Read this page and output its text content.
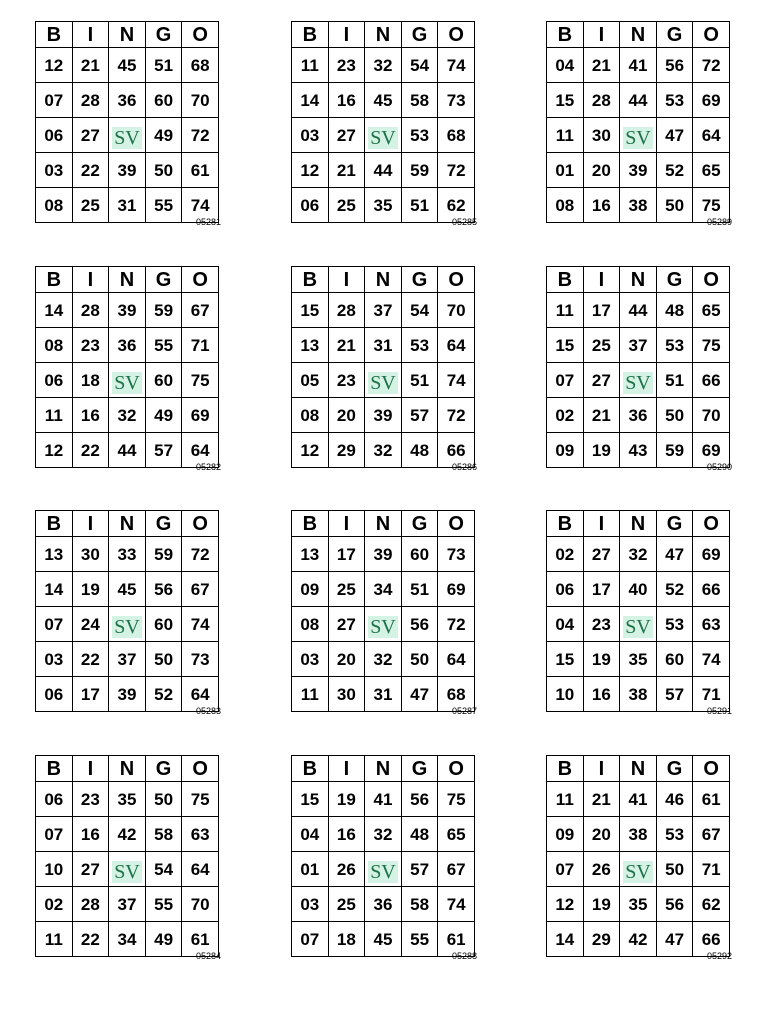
B	I	N	G	O
12	21	45	51	68
07	28	36	60	70
06	27	SV	49	72
03	22	39	50	61
08	25	31	55	74
05281
B	I	N	G	O
11	23	32	54	74
14	16	45	58	73
03	27	SV	53	68
12	21	44	59	72
06	25	35	51	62
05285
B	I	N	G	O
04	21	41	56	72
15	28	44	53	69
11	30	SV	47	64
01	20	39	52	65
08	16	38	50	75
05289
B	I	N	G	O
14	28	39	59	67
08	23	36	55	71
06	18	SV	60	75
11	16	32	49	69
12	22	44	57	64
05282
B	I	N	G	O
15	28	37	54	70
13	21	31	53	64
05	23	SV	51	74
08	20	39	57	72
12	29	32	48	66
05286
B	I	N	G	O
11	17	44	48	65
15	25	37	53	75
07	27	SV	51	66
02	21	36	50	70
09	19	43	59	69
05290
B	I	N	G	O
13	30	33	59	72
14	19	45	56	67
07	24	SV	60	74
03	22	37	50	73
06	17	39	52	64
05283
B	I	N	G	O
13	17	39	60	73
09	25	34	51	69
08	27	SV	56	72
03	20	32	50	64
11	30	31	47	68
05287
B	I	N	G	O
02	27	32	47	69
06	17	40	52	66
04	23	SV	53	63
15	19	35	60	74
10	16	38	57	71
05291
B	I	N	G	O
06	23	35	50	75
07	16	42	58	63
10	27	SV	54	64
02	28	37	55	70
11	22	34	49	61
05284
B	I	N	G	O
15	19	41	56	75
04	16	32	48	65
01	26	SV	57	67
03	25	36	58	74
07	18	45	55	61
05288
B	I	N	G	O
11	21	41	46	61
09	20	38	53	67
07	26	SV	50	71
12	19	35	56	62
14	29	42	47	66
05292
